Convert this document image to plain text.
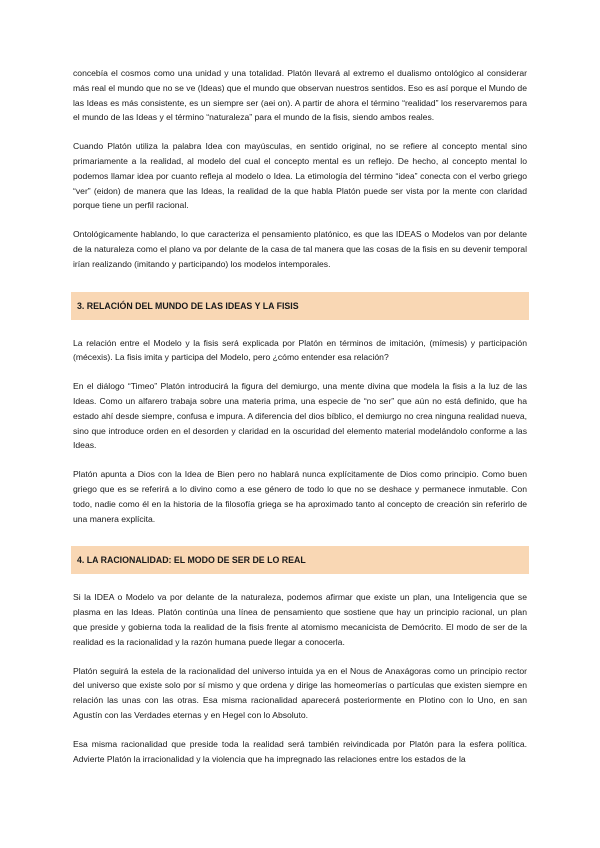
concebía el cosmos como una unidad y una totalidad. Platón llevará al extremo el dualismo ontológico al considerar más real el mundo que no se ve (Ideas) que el mundo que observan nuestros sentidos. Eso es así porque el Mundo de las Ideas es más consistente, es un siempre ser (aei on). A partir de ahora el término “realidad” los reservaremos para el mundo de las Ideas y el término “naturaleza” para el mundo de la fisis, siendo ambos reales.

Cuando Platón utiliza la palabra Idea con mayúsculas, en sentido original, no se refiere al concepto mental sino primariamente a la realidad, al modelo del cual el concepto mental es un reflejo. De hecho, al concepto mental lo podemos llamar idea por cuanto refleja al modelo o Idea. La etimología del término “idea” conecta con el verbo griego “ver” (eidon) de manera que las Ideas, la realidad de la que habla Platón puede ser vista por la mente con claridad porque tiene un perfil racional.

Ontológicamente hablando, lo que caracteriza el pensamiento platónico, es que las IDEAS o Modelos van por delante de la naturaleza como el plano va por delante de la casa de tal manera que las cosas de la fisis en su devenir temporal irían realizando (imitando y participando) los modelos intemporales.

3. RELACIÓN DEL MUNDO DE LAS IDEAS Y LA FISIS

La relación entre el Modelo y la fisis será explicada por Platón en términos de imitación, (mímesis) y participación (mécexis). La fisis imita y participa del Modelo, pero ¿cómo entender esa relación?

En el diálogo “Timeo” Platón introducirá la figura del demiurgo, una mente divina que modela la fisis a la luz de las Ideas. Como un alfarero trabaja sobre una materia prima, una especie de “no ser” que aún no está definido, que ha estado ahí desde siempre, confusa e impura. A diferencia del dios bíblico, el demiurgo no crea ninguna realidad nueva, sino que introduce orden en el desorden y claridad en la oscuridad del elemento material modelándolo conforme a las Ideas.

Platón apunta a Dios con la Idea de Bien pero no hablará nunca explícitamente de Dios como principio. Como buen griego que es se referirá a lo divino como a ese género de todo lo que no se deshace y permanece inmutable. Con todo, nadie como él en la historia de la filosofía griega se ha aproximado tanto al concepto de creación sin referirlo de una manera explícita.

4. LA RACIONALIDAD: EL MODO DE SER DE LO REAL

Si la IDEA o Modelo va por delante de la naturaleza, podemos afirmar que existe un plan, una Inteligencia que se plasma en las Ideas. Platón continúa una línea de pensamiento que sostiene que hay un principio racional, un plan que preside y gobierna toda la realidad de la fisis frente al atomismo mecanicista de Demócrito. El modo de ser de la realidad es la racionalidad y la razón humana puede llegar a conocerla.

Platón seguirá la estela de la racionalidad del universo intuida ya en el Nous de Anaxágoras como un principio rector del universo que existe solo por sí mismo y que ordena y dirige las homeomerías o partículas que existen siempre en relación las unas con las otras. Esa misma racionalidad aparecerá posteriormente en Plotino con lo Uno, en san Agustín con las Verdades eternas y en Hegel con lo Absoluto.

Esa misma racionalidad que preside toda la realidad será también reivindicada por Platón para la esfera política. Advierte Platón la irracionalidad y la violencia que ha impregnado las relaciones entre los estados de la
